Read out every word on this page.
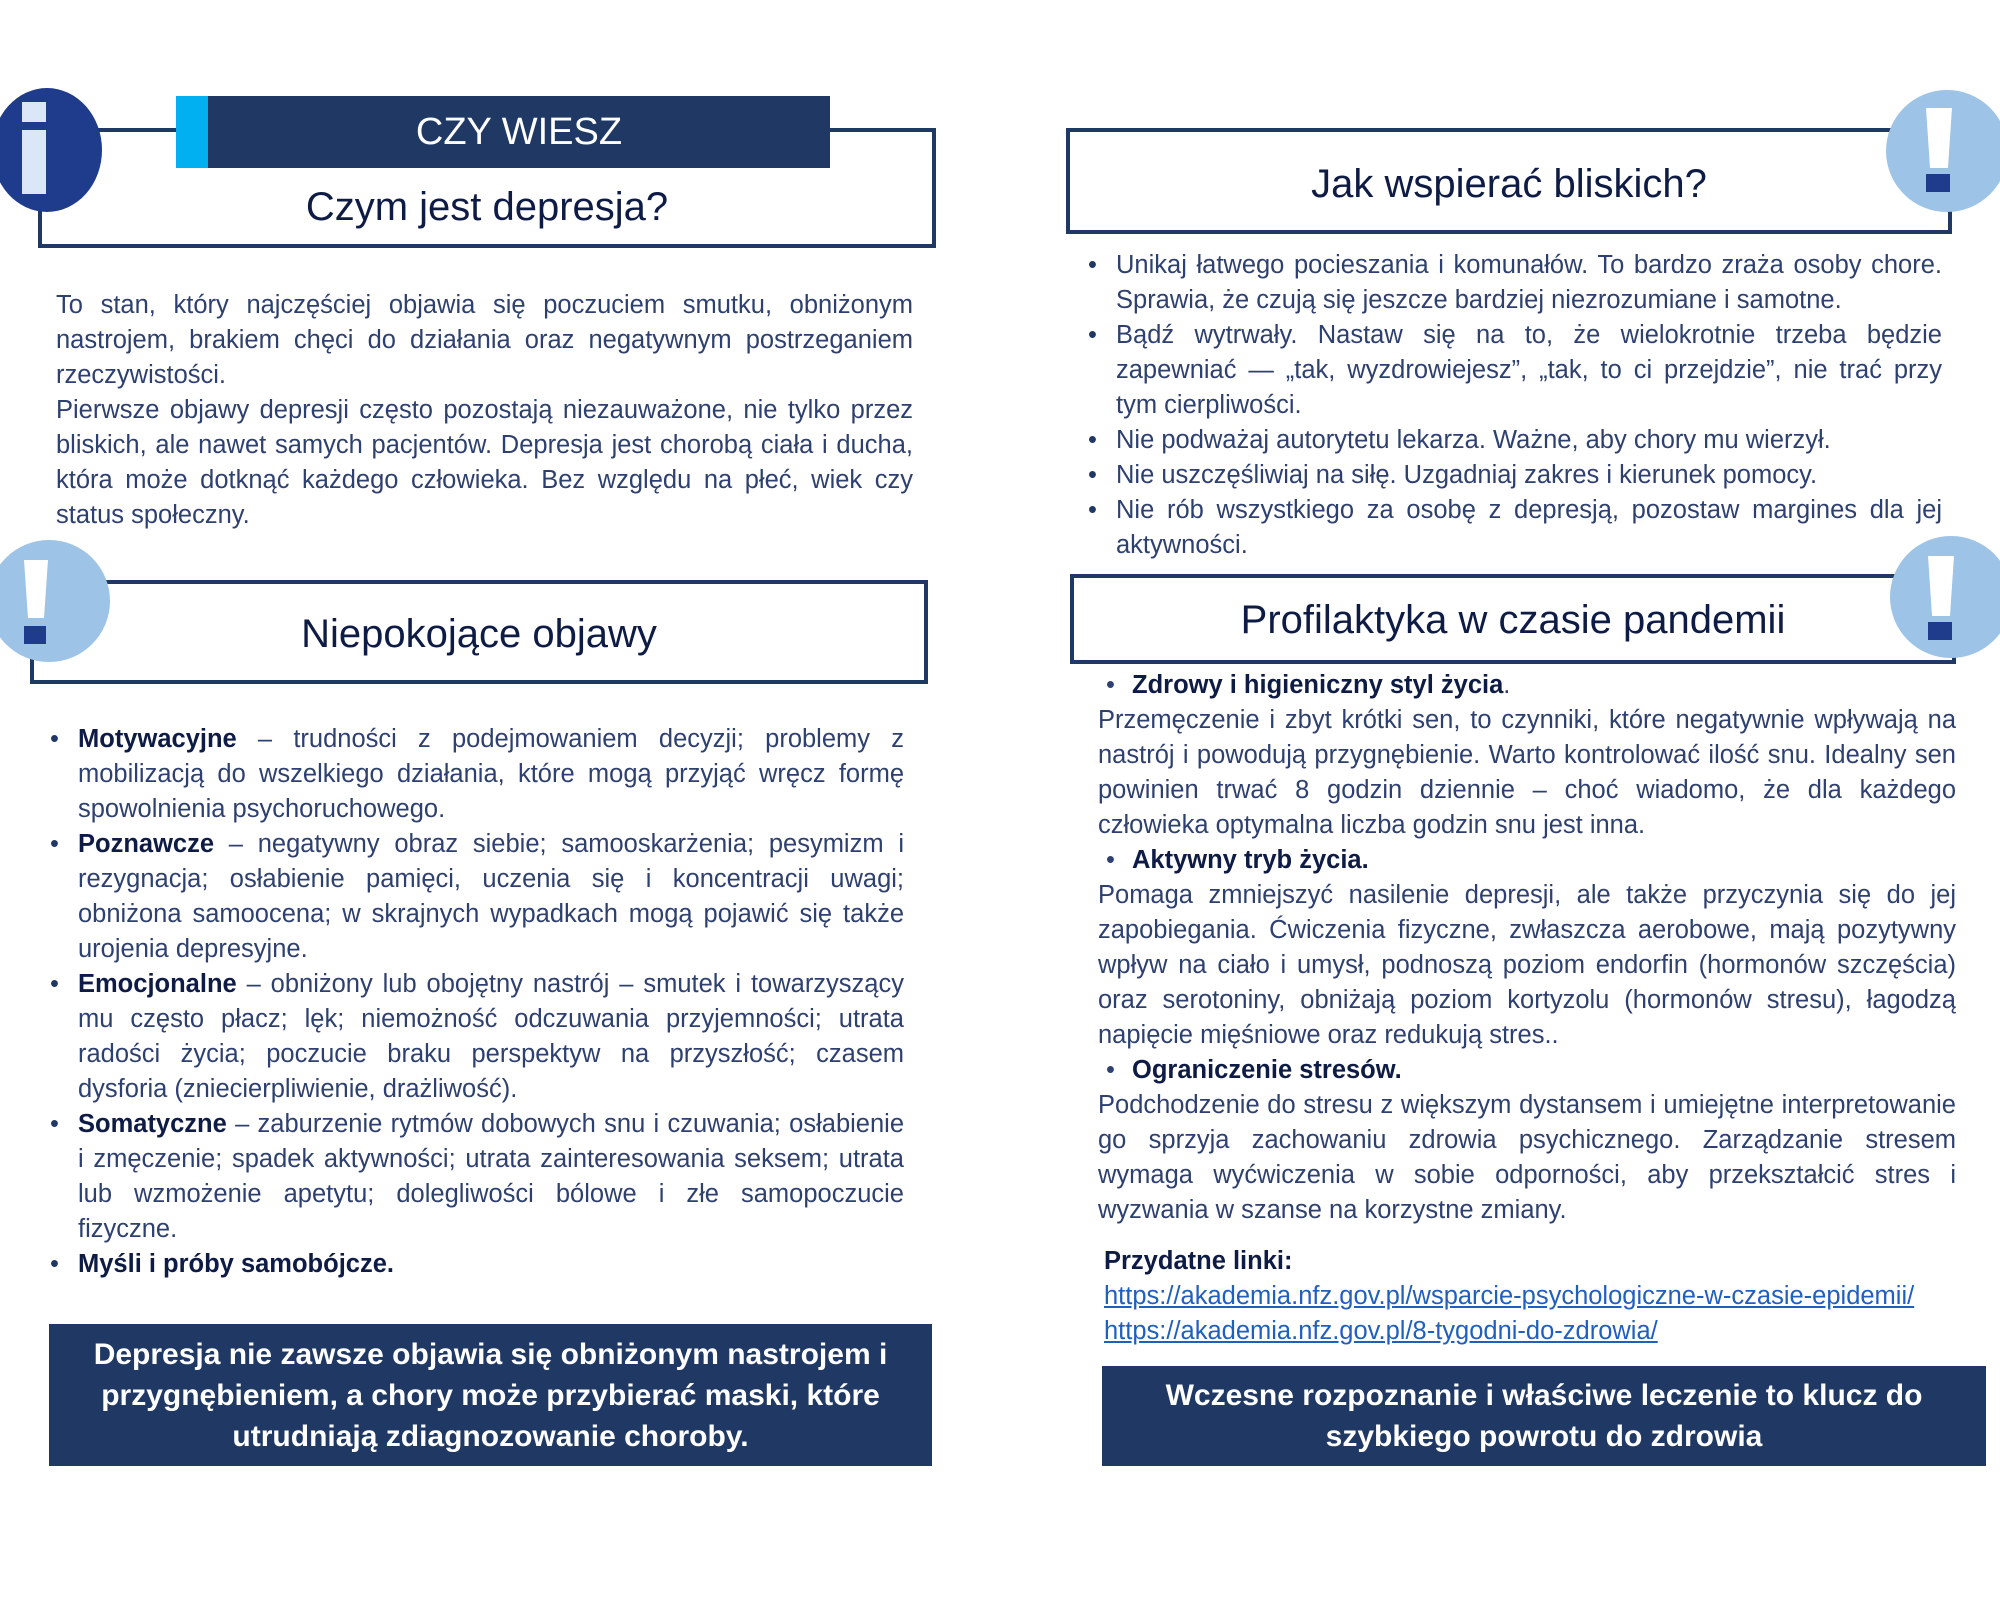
Czym jest depresja?
CZY WIESZ

To stan, który najczęściej objawia się poczuciem smutku, obniżonym nastrojem, brakiem chęci do działania oraz negatywnym postrzeganiem rzeczywistości.

Pierwsze objawy depresji często pozostają niezauważone, nie tylko przez bliskich, ale nawet samych pacjentów. Depresja jest chorobą ciała i ducha, która może dotknąć każdego człowieka. Bez względu na płeć, wiek czy status społeczny.

Niepokojące objawy
• Motywacyjne – trudności z podejmowaniem decyzji; problemy z mobilizacją do wszelkiego działania, które mogą przyjąć wręcz formę spowolnienia psychoruchowego.
• Poznawcze – negatywny obraz siebie; samooskarżenia; pesymizm i rezygnacja; osłabienie pamięci, uczenia się i koncentracji uwagi; obniżona samoocena; w skrajnych wypadkach mogą pojawić się także urojenia depresyjne.
• Emocjonalne – obniżony lub obojętny nastrój – smutek i towarzyszący mu często płacz; lęk; niemożność odczuwania przyjemności; utrata radości życia; poczucie braku perspektyw na przyszłość; czasem dysforia (zniecierpliwienie, drażliwość).
• Somatyczne – zaburzenie rytmów dobowych snu i czuwania; osłabienie i zmęczenie; spadek aktywności; utrata zainteresowania seksem; utrata lub wzmożenie apetytu; dolegliwości bólowe i złe samopoczucie fizyczne.
• Myśli i próby samobójcze.
Depresja nie zawsze objawia się obniżonym nastrojem i przygnębieniem, a chory może przybierać maski, które utrudniają zdiagnozowanie choroby.
Jak wspierać bliskich?
• Unikaj łatwego pocieszania i komunałów. To bardzo zraża osoby chore. Sprawia, że czują się jeszcze bardziej niezrozumiane i samotne.
• Bądź wytrwały. Nastaw się na to, że wielokrotnie trzeba będzie zapewniać — „tak, wyzdrowiejesz”, „tak, to ci przejdzie”, nie trać przy tym cierpliwości.
• Nie podważaj autorytetu lekarza. Ważne, aby chory mu wierzył.
• Nie uszczęśliwiaj na siłę. Uzgadniaj zakres i kierunek pomocy.
• Nie rób wszystkiego za osobę z depresją, pozostaw margines dla jej aktywności.
Profilaktyka w czasie pandemii
• Zdrowy i higieniczny styl życia.

Przemęczenie i zbyt krótki sen, to czynniki, które negatywnie wpływają na nastrój i powodują przygnębienie. Warto kontrolować ilość snu. Idealny sen powinien trwać 8 godzin dziennie – choć wiadomo, że dla każdego człowieka optymalna liczba godzin snu jest inna.

• Aktywny tryb życia.

Pomaga zmniejszyć nasilenie depresji, ale także przyczynia się do jej zapobiegania. Ćwiczenia fizyczne, zwłaszcza aerobowe, mają pozytywny wpływ na ciało i umysł, podnoszą poziom endorfin (hormonów szczęścia) oraz serotoniny, obniżają poziom kortyzolu (hormonów stresu), łagodzą napięcie mięśniowe oraz redukują stres..

• Ograniczenie stresów.

Podchodzenie do stresu z większym dystansem i umiejętne interpretowanie go sprzyja zachowaniu zdrowia psychicznego. Zarządzanie stresem wymaga wyćwiczenia w sobie odporności, aby przekształcić stres i wyzwania w szanse na korzystne zmiany.

Przydatne linki:
https://akademia.nfz.gov.pl/wsparcie-psychologiczne-w-czasie-epidemii/
https://akademia.nfz.gov.pl/8-tygodni-do-zdrowia/
Wczesne rozpoznanie i właściwe leczenie to klucz do szybkiego powrotu do zdrowia
